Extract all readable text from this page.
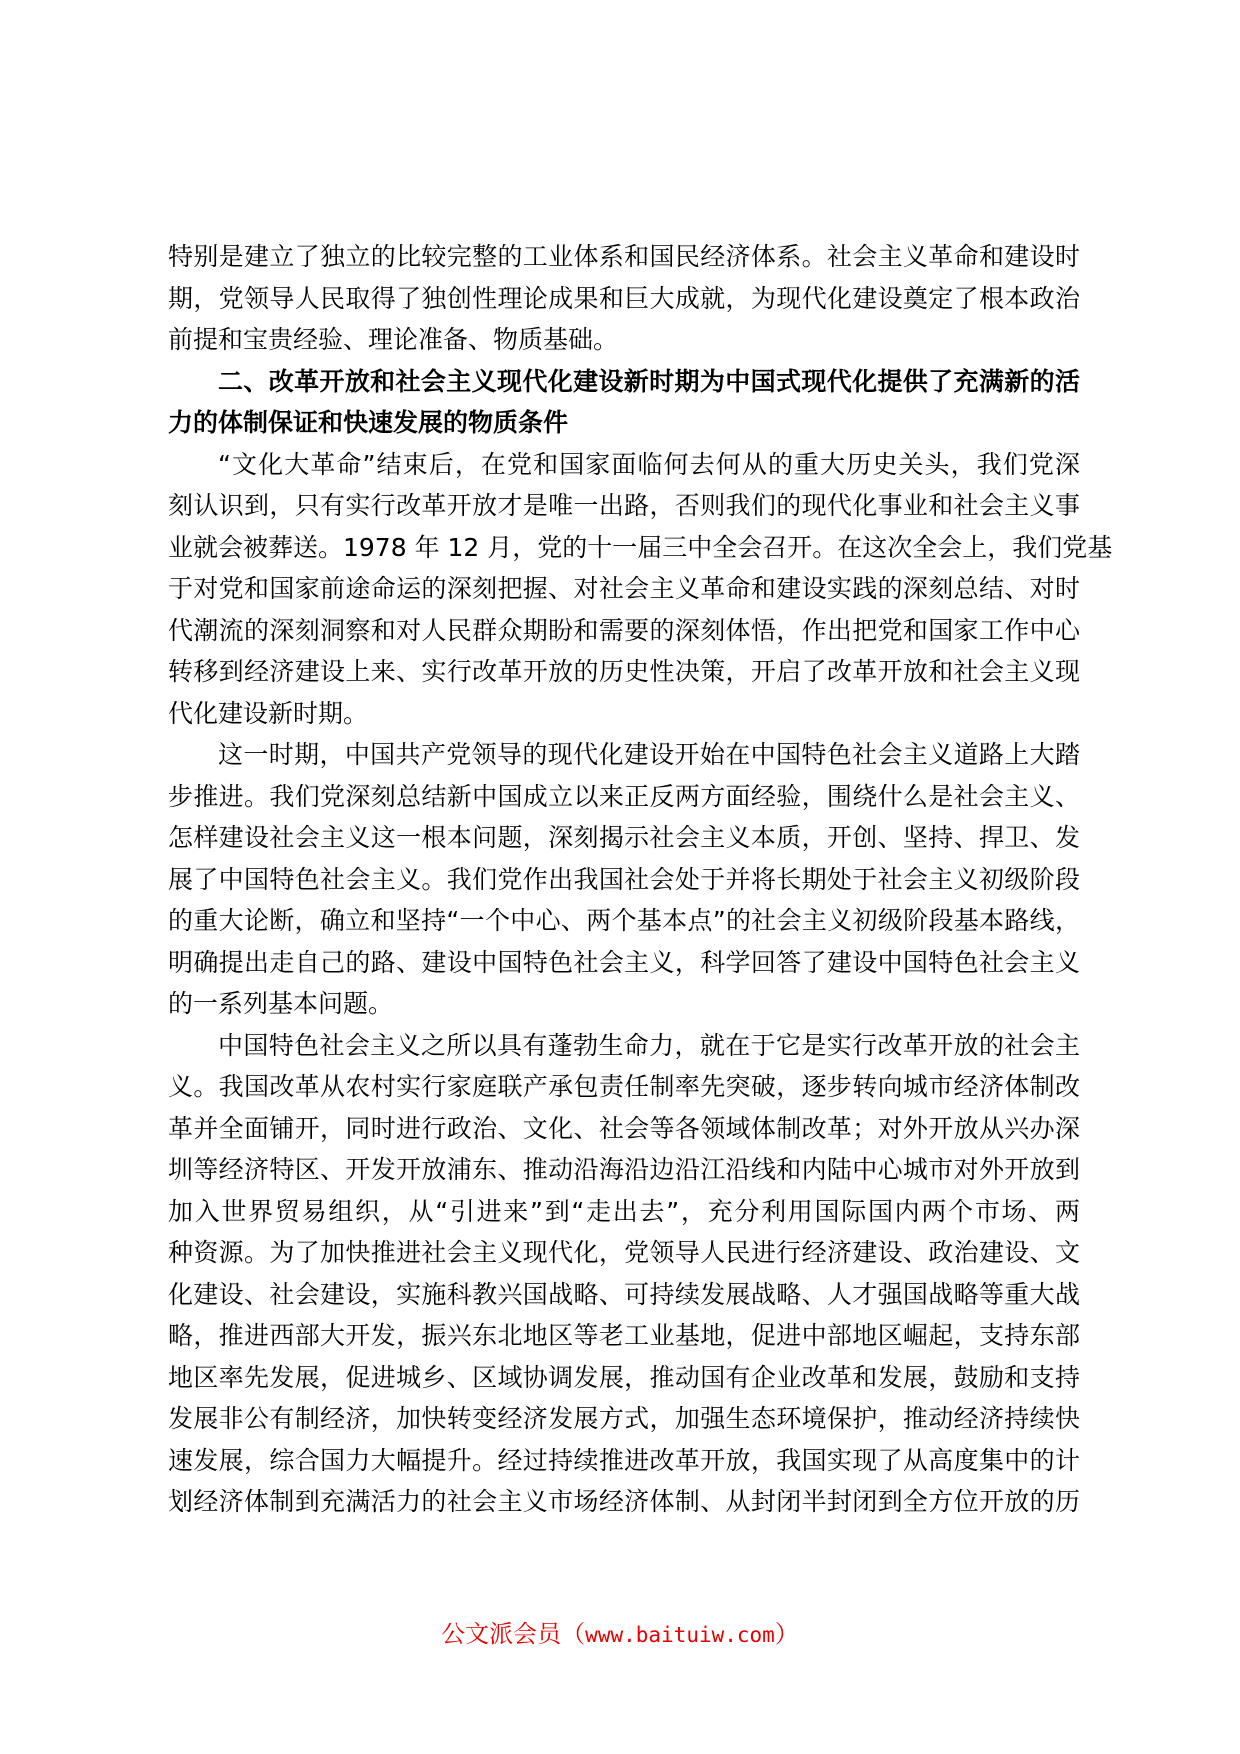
特别是建立了独立的比较完整的工业体系和国民经济体系。社会主义革命和建设时
期，党领导人民取得了独创性理论成果和巨大成就，为现代化建设奠定了根本政治
前提和宝贵经验、理论准备、物质基础。
二、改革开放和社会主义现代化建设新时期为中国式现代化提供了充满新的活
力的体制保证和快速发展的物质条件
“文化大革命”结束后，在党和国家面临何去何从的重大历史关头，我们党深
刻认识到，只有实行改革开放才是唯一出路，否则我们的现代化事业和社会主义事
业就会被葬送。1978 年 12 月，党的十一届三中全会召开。在这次全会上，我们党基
于对党和国家前途命运的深刻把握、对社会主义革命和建设实践的深刻总结、对时
代潮流的深刻洞察和对人民群众期盼和需要的深刻体悟，作出把党和国家工作中心
转移到经济建设上来、实行改革开放的历史性决策，开启了改革开放和社会主义现
代化建设新时期。
这一时期，中国共产党领导的现代化建设开始在中国特色社会主义道路上大踏
步推进。我们党深刻总结新中国成立以来正反两方面经验，围绕什么是社会主义、
怎样建设社会主义这一根本问题，深刻揭示社会主义本质，开创、坚持、捍卫、发
展了中国特色社会主义。我们党作出我国社会处于并将长期处于社会主义初级阶段
的重大论断，确立和坚持“一个中心、两个基本点”的社会主义初级阶段基本路线，
明确提出走自己的路、建设中国特色社会主义，科学回答了建设中国特色社会主义
的一系列基本问题。
中国特色社会主义之所以具有蓬勃生命力，就在于它是实行改革开放的社会主
义。我国改革从农村实行家庭联产承包责任制率先突破，逐步转向城市经济体制改
革并全面铺开，同时进行政治、文化、社会等各领域体制改革；对外开放从兴办深
圳等经济特区、开发开放浦东、推动沿海沿边沿江沿线和内陆中心城市对外开放到
加入世界贸易组织，从“引进来”到“走出去”，充分利用国际国内两个市场、两
种资源。为了加快推进社会主义现代化，党领导人民进行经济建设、政治建设、文
化建设、社会建设，实施科教兴国战略、可持续发展战略、人才强国战略等重大战
略，推进西部大开发，振兴东北地区等老工业基地，促进中部地区崛起，支持东部
地区率先发展，促进城乡、区域协调发展，推动国有企业改革和发展，鼓励和支持
发展非公有制经济，加快转变经济发展方式，加强生态环境保护，推动经济持续快
速发展，综合国力大幅提升。经过持续推进改革开放，我国实现了从高度集中的计
划经济体制到充满活力的社会主义市场经济体制、从封闭半封闭到全方位开放的历
公文派会员（www.baituiw.com）
